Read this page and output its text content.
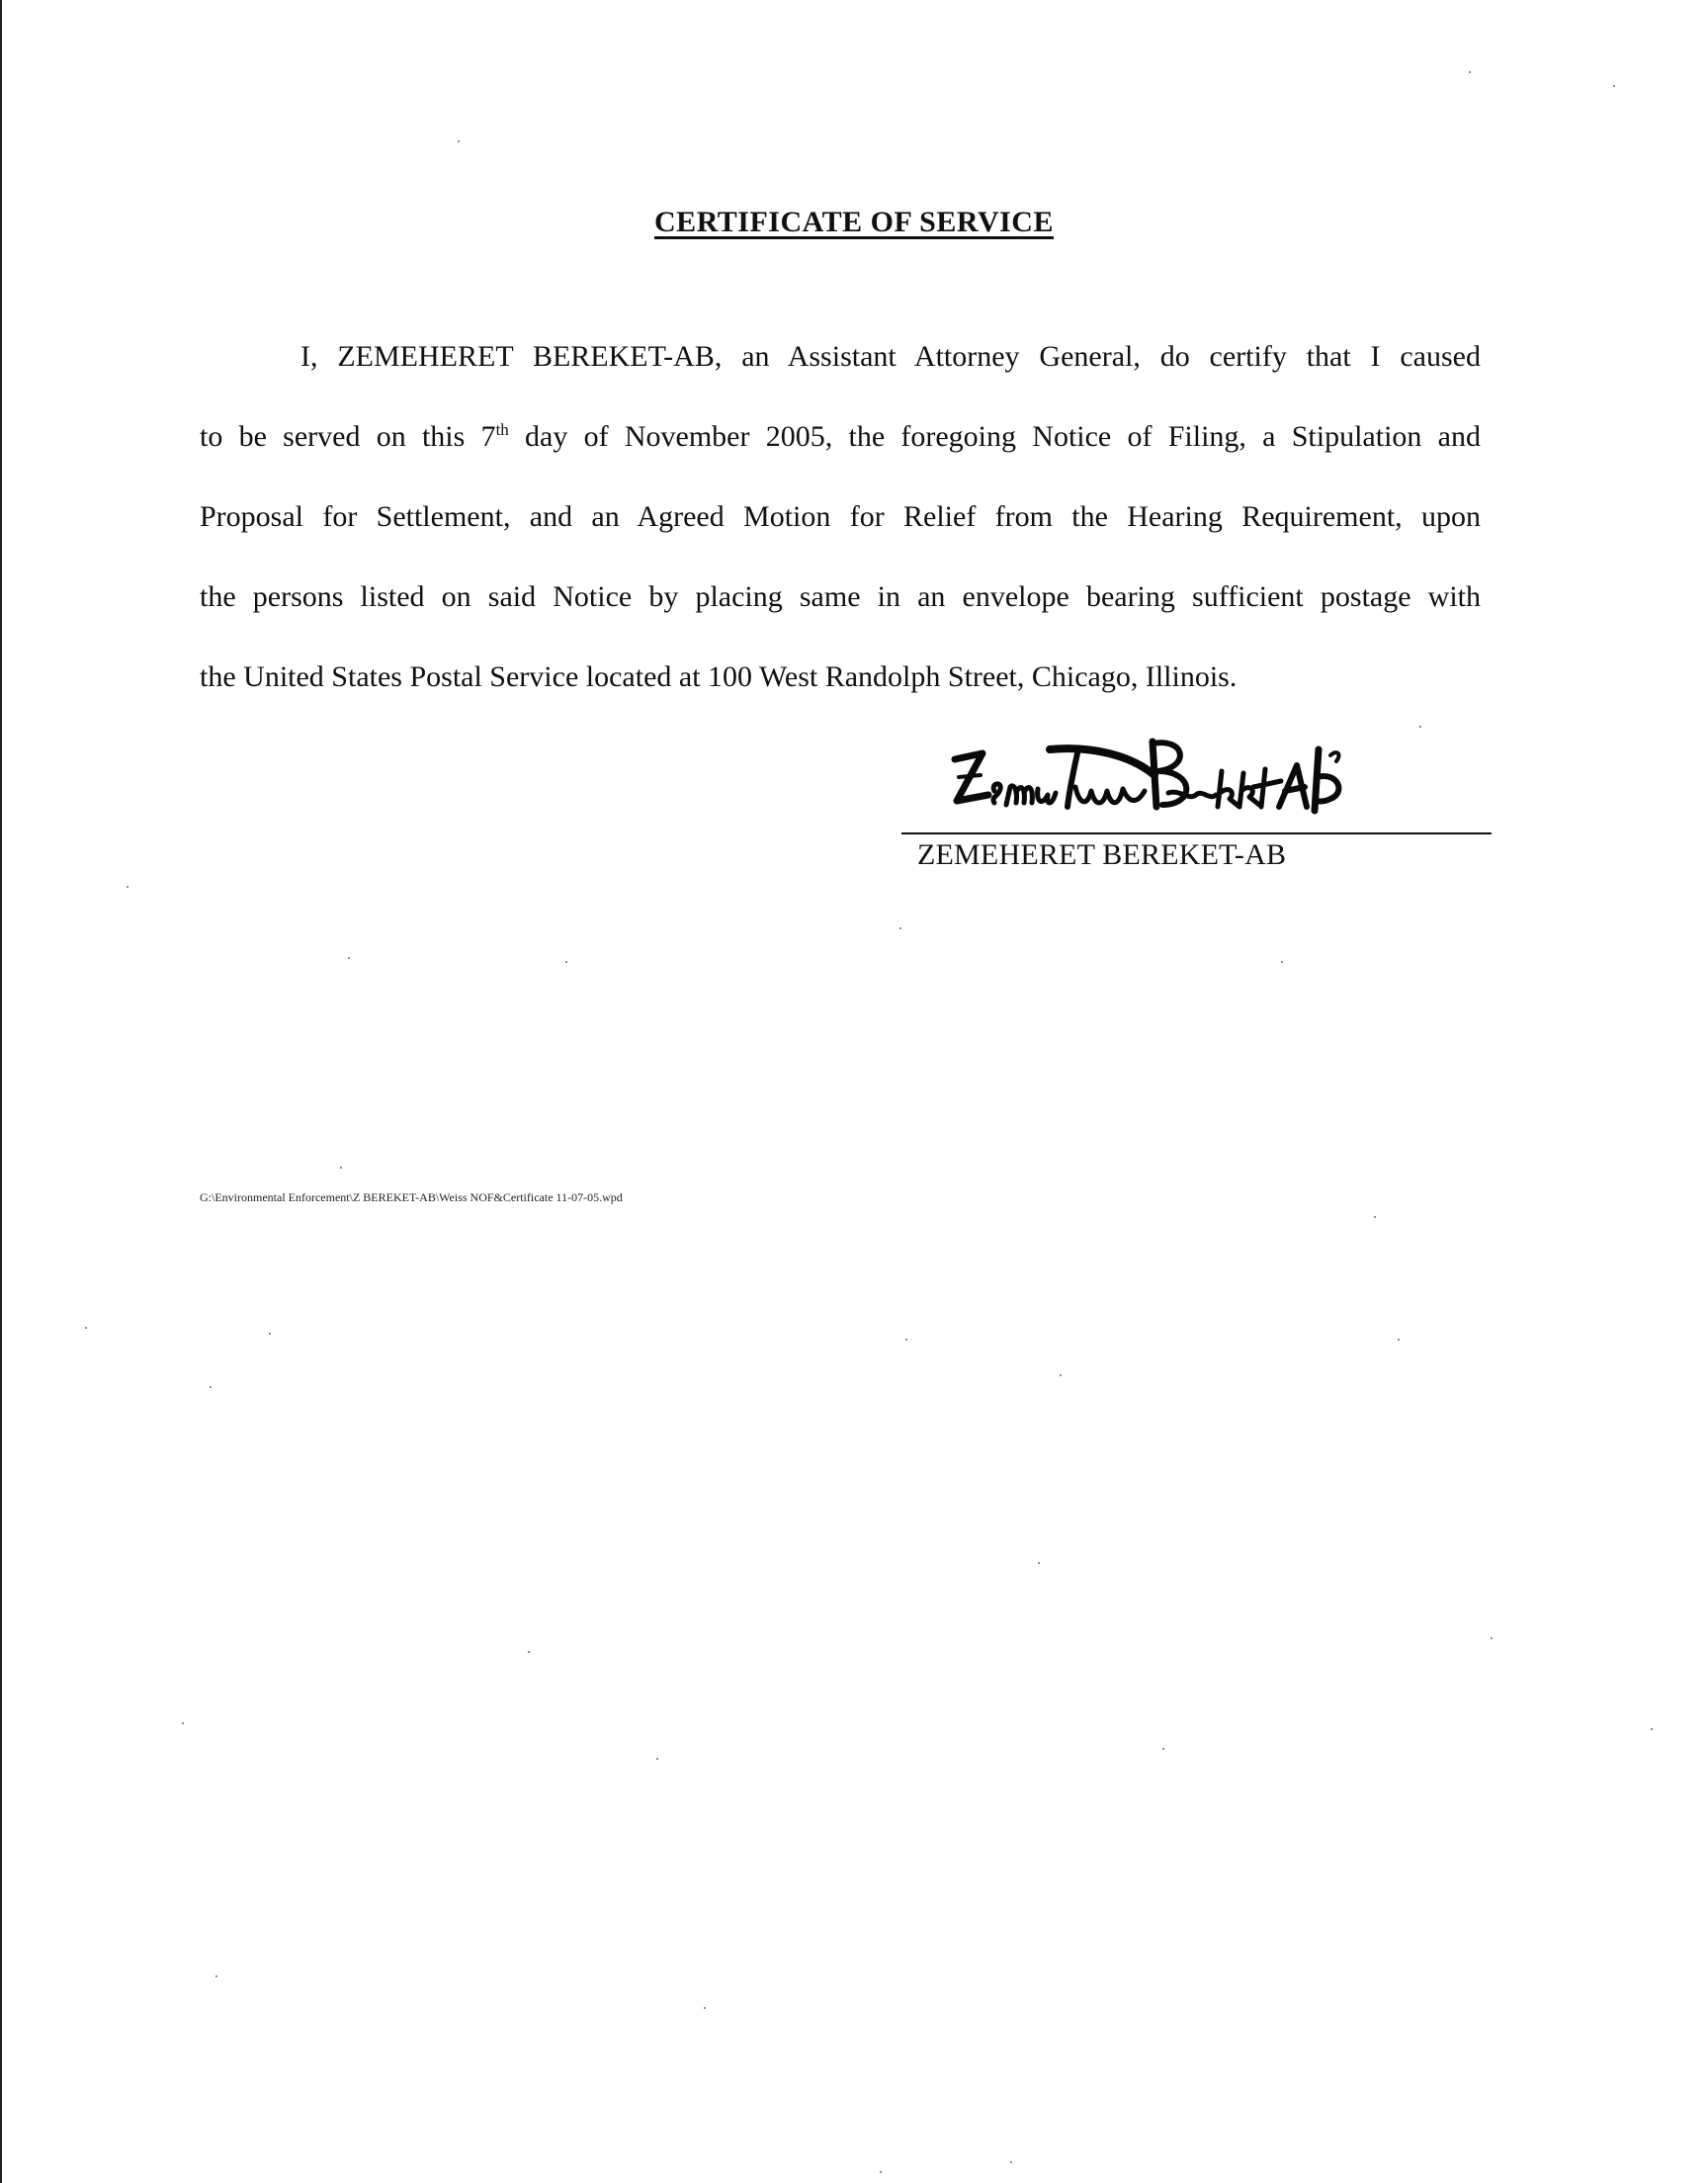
CERTIFICATE OF SERVICE
I, ZEMEHERET BEREKET-AB, an Assistant Attorney General, do certify that I caused
to be served on this 7th day of November 2005, the foregoing Notice of Filing, a Stipulation and
Proposal for Settlement, and an Agreed Motion for Relief from the Hearing Requirement, upon
the persons listed on said Notice by placing same in an envelope bearing sufficient postage with
the United States Postal Service located at 100 West Randolph Street, Chicago, Illinois.
ZEMEHERET BEREKET-AB
G:\Environmental Enforcement\Z BEREKET-AB\Weiss NOF&Certificate 11-07-05.wpd
